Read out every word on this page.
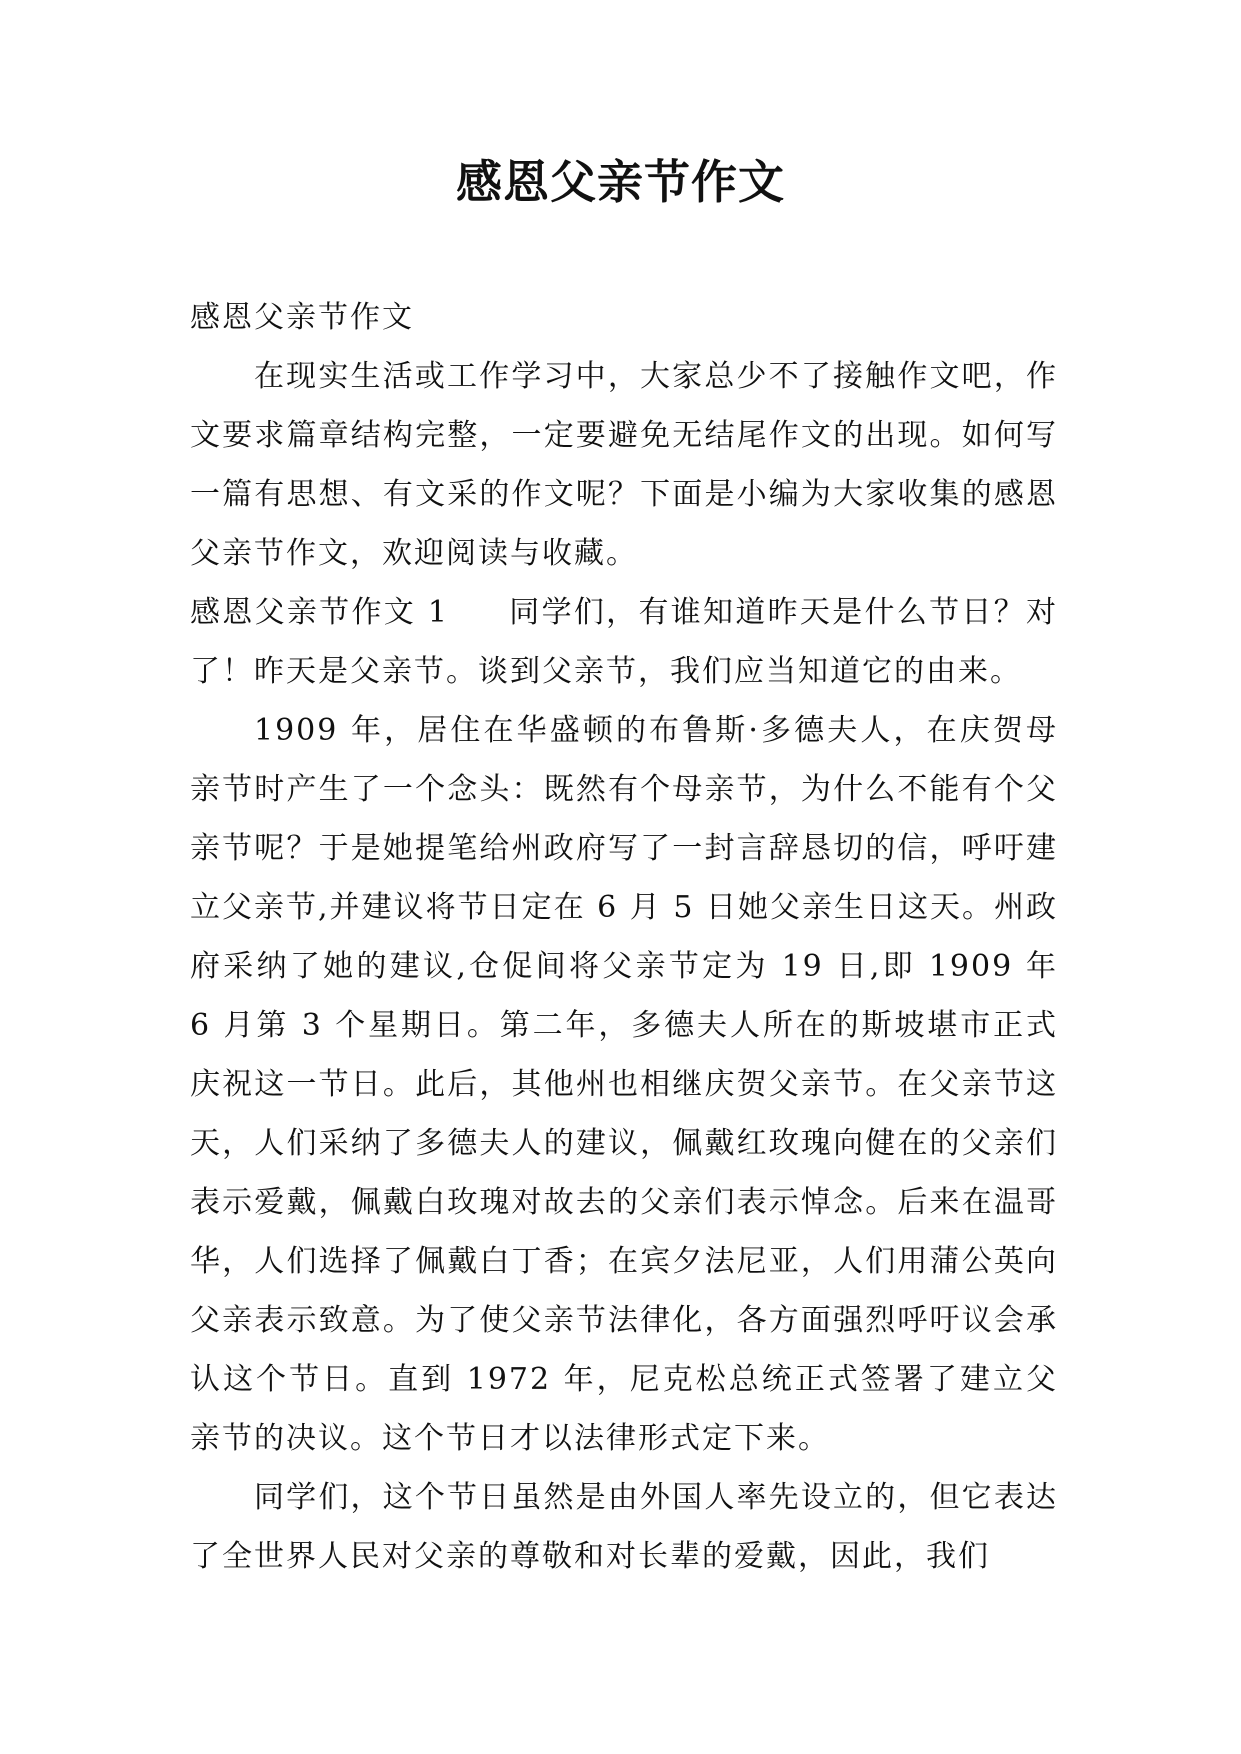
感恩父亲节作文

感恩父亲节作文

在现实生活或工作学习中，大家总少不了接触作文吧，作文要求篇章结构完整，一定要避免无结尾作文的出现。如何写一篇有思想、有文采的作文呢？下面是小编为大家收集的感恩父亲节作文，欢迎阅读与收藏。

感恩父亲节作文 1 同学们，有谁知道昨天是什么节日？对了！昨天是父亲节。谈到父亲节，我们应当知道它的由来。

1909 年，居住在华盛顿的布鲁斯·多德夫人，在庆贺母亲节时产生了一个念头：既然有个母亲节，为什么不能有个父亲节呢？于是她提笔给州政府写了一封言辞恳切的信，呼吁建立父亲节,并建议将节日定在 6 月 5 日她父亲生日这天。州政府采纳了她的建议,仓促间将父亲节定为 19 日,即 1909 年 6 月第 3 个星期日。第二年，多德夫人所在的斯坡堪市正式庆祝这一节日。此后，其他州也相继庆贺父亲节。在父亲节这天，人们采纳了多德夫人的建议，佩戴红玫瑰向健在的父亲们表示爱戴，佩戴白玫瑰对故去的父亲们表示悼念。后来在温哥华，人们选择了佩戴白丁香；在宾夕法尼亚，人们用蒲公英向父亲表示致意。为了使父亲节法律化，各方面强烈呼吁议会承认这个节日。直到 1972 年，尼克松总统正式签署了建立父亲节的决议。这个节日才以法律形式定下来。

同学们，这个节日虽然是由外国人率先设立的，但它表达了全世界人民对父亲的尊敬和对长辈的爱戴，因此，我们
